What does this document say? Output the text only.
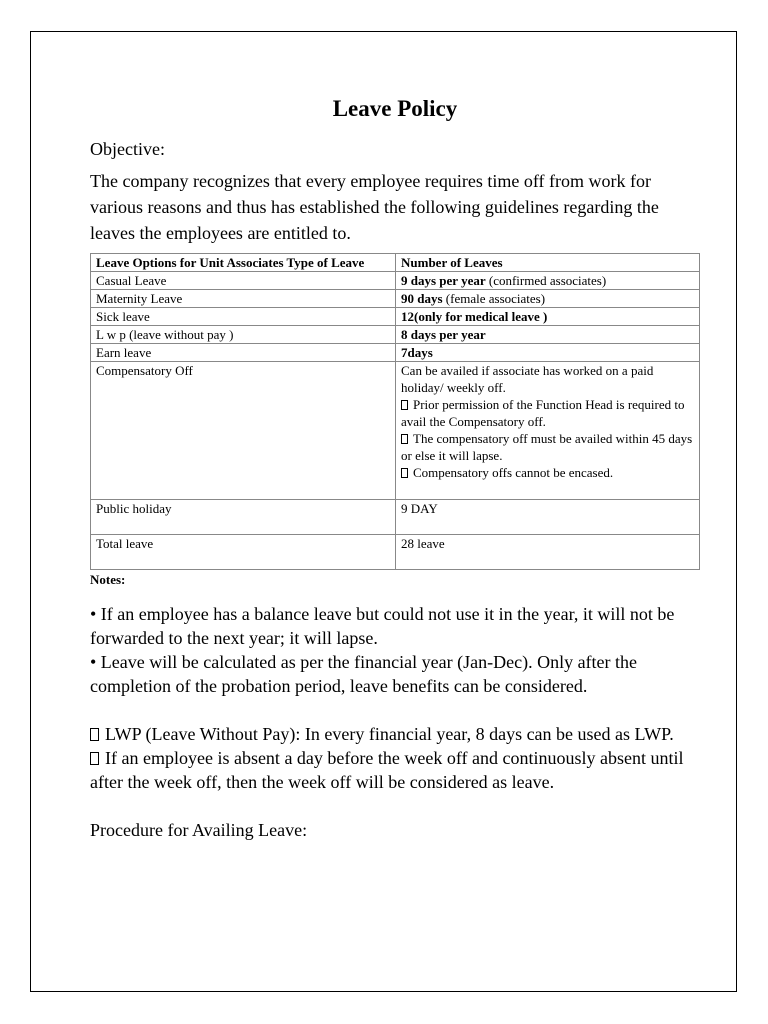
Leave Policy

Objective:

The company recognizes that every employee requires time off from work for various reasons and thus has established the following guidelines regarding the leaves the employees are entitled to.

Leave Options for Unit Associates Type of Leave	Number of Leaves
Casual Leave	9 days per year (confirmed associates)
Maternity Leave	90 days (female associates)
Sick leave	12(only for medical leave )
L w p (leave without pay )	8 days per year
Earn leave	7days
Compensatory Off	Can be availed if associate has worked on a paid holiday/ weekly off.
Prior permission of the Function Head is required to avail the Compensatory off.
The compensatory off must be availed within 45 days or else it will lapse.
Compensatory offs cannot be encased.

Public holiday	9 DAY
Total leave	28 leave

Notes:

• If an employee has a balance leave but could not use it in the year, it will not be forwarded to the next year; it will lapse.

• Leave will be calculated as per the financial year (Jan-Dec). Only after the completion of the probation period, leave benefits can be considered.

LWP (Leave Without Pay): In every financial year, 8 days can be used as LWP.

If an employee is absent a day before the week off and continuously absent until after the week off, then the week off will be considered as leave.

Procedure for Availing Leave:
